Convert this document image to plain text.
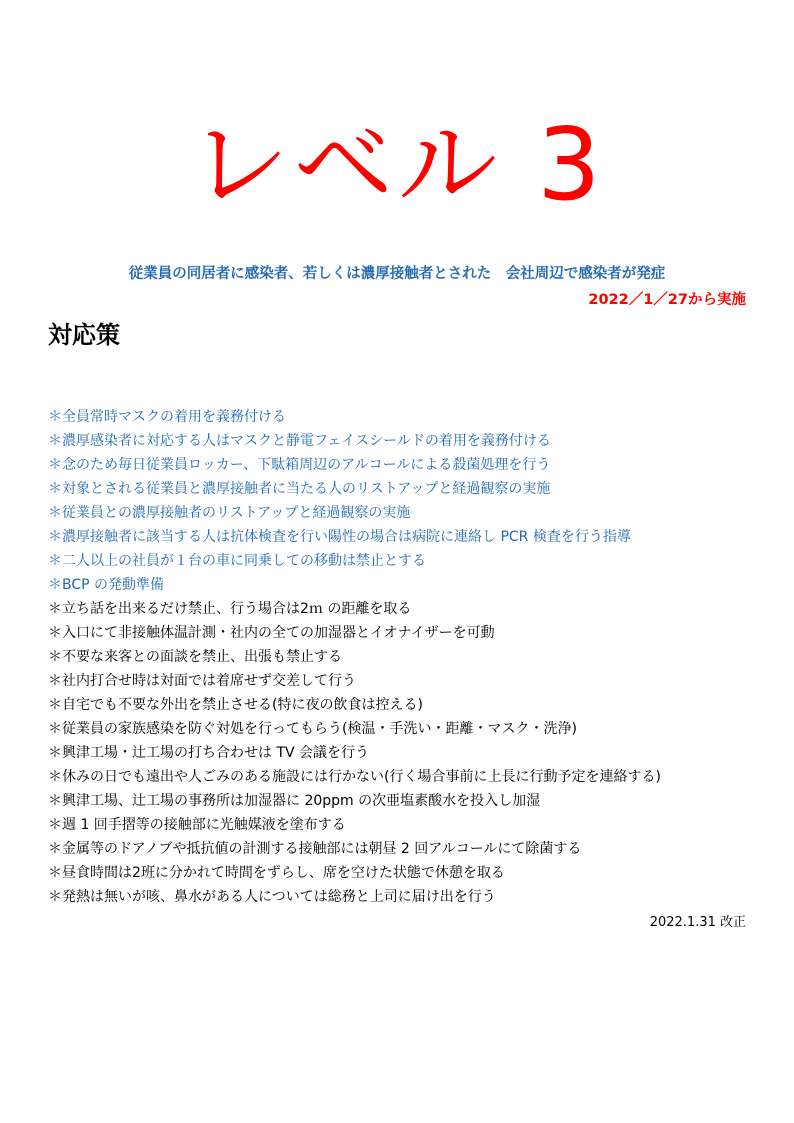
レベル 3
従業員の同居者に感染者、若しくは濃厚接触者とされた　会社周辺で感染者が発症
2022／1／27から実施
対応策
＊全員常時マスクの着用を義務付ける
＊濃厚感染者に対応する人はマスクと静電フェイスシールドの着用を義務付ける
＊念のため毎日従業員ロッカー、下駄箱周辺のアルコールによる殺菌処理を行う
＊対象とされる従業員と濃厚接触者に当たる人のリストアップと経過観察の実施
＊従業員との濃厚接触者のリストアップと経過観察の実施
＊濃厚接触者に該当する人は抗体検査を行い陽性の場合は病院に連絡し PCR 検査を行う指導
＊二人以上の社員が１台の車に同乗しての移動は禁止とする
＊BCP の発動準備
＊立ち話を出来るだけ禁止、行う場合は2ｍ の距離を取る
＊入口にて非接触体温計測・社内の全ての加湿器とイオナイザーを可動
＊不要な来客との面談を禁止、出張も禁止する
＊社内打合せ時は対面では着席せず交差して行う
＊自宅でも不要な外出を禁止させる(特に夜の飲食は控える)
＊従業員の家族感染を防ぐ対処を行ってもらう(検温・手洗い・距離・マスク・洗浄)
＊興津工場・辻工場の打ち合わせは TV 会議を行う
＊休みの日でも遠出や人ごみのある施設には行かない(行く場合事前に上長に行動予定を連絡する)
＊興津工場、辻工場の事務所は加湿器に 20ppm の次亜塩素酸水を投入し加湿
＊週 1 回手摺等の接触部に光触媒液を塗布する
＊金属等のドアノブや抵抗値の計測する接触部には朝昼 2 回アルコールにて除菌する
＊昼食時間は2班に分かれて時間をずらし、席を空けた状態で休憩を取る
＊発熱は無いが咳、鼻水がある人については総務と上司に届け出を行う
2022.1.31 改正
